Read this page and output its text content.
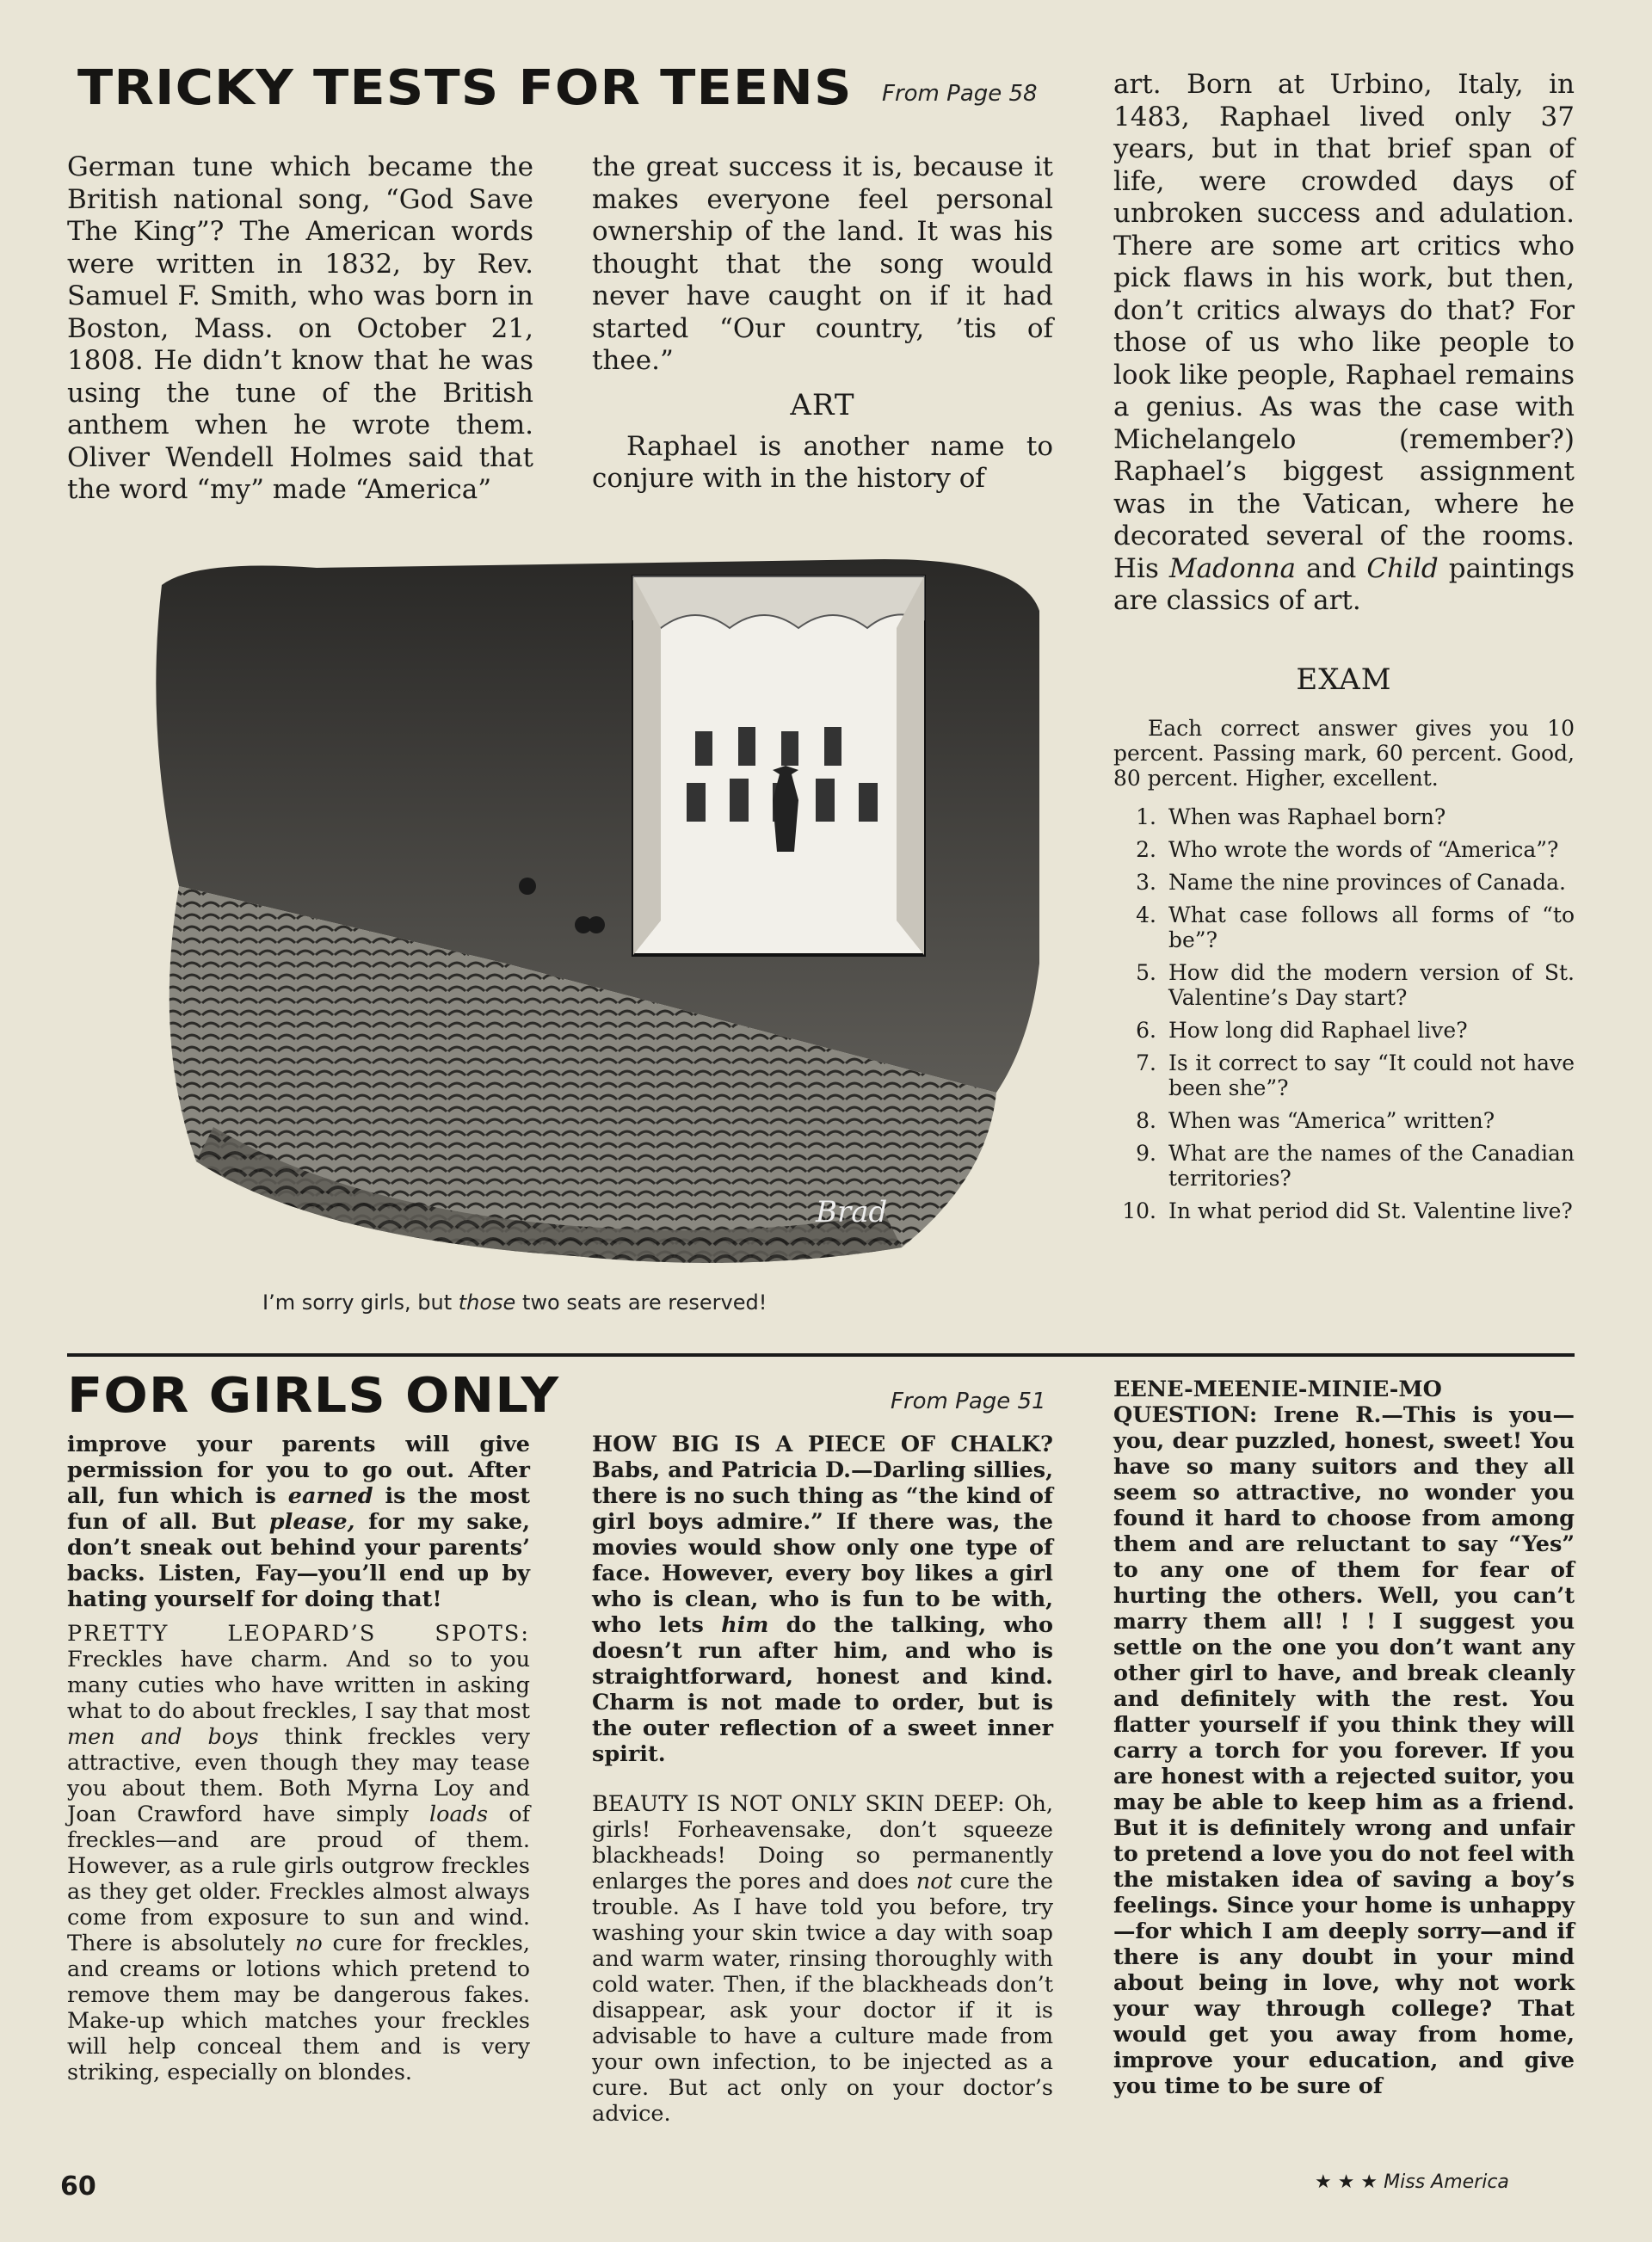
TRICKY TESTS FOR TEENS From Page 58

German tune which became the British national song, “God Save The King”? The American words were written in 1832, by Rev. Samuel F. Smith, who was born in Boston, Mass. on October 21, 1808. He didn’t know that he was using the tune of the British anthem when he wrote them. Oliver Wendell Holmes said that the word “my” made “America”

the great success it is, because it makes everyone feel personal ownership of the land. It was his thought that the song would never have caught on if it had started “Our country, ’tis of thee.”

ART

Raphael is another name to conjure with in the history of

art. Born at Urbino, Italy, in 1483, Raphael lived only 37 years, but in that brief span of life, were crowded days of unbroken success and adulation. There are some art critics who pick flaws in his work, but then, don’t critics always do that? For those of us who like people to look like people, Raphael remains a genius. As was the case with Michelangelo (remember?) Raphael’s biggest assignment was in the Vatican, where he decorated several of the rooms. His Madonna and Child paintings are classics of art.

EXAM

Each correct answer gives you 10 percent. Passing mark, 60 percent. Good, 80 percent. Higher, excellent.

1. When was Raphael born?
2. Who wrote the words of “America”?
3. Name the nine provinces of Canada.
4. What case follows all forms of “to be”?
5. How did the modern version of St. Valentine’s Day start?
6. How long did Raphael live?
7. Is it correct to say “It could not have been she”?
8. When was “America” written?
9. What are the names of the Canadian territories?
10. In what period did St. Valentine live?
Brad
I’m sorry girls, but those two seats are reserved!
FOR GIRLS ONLY	From Page 51

improve your parents will give permission for you to go out. After all, fun which is earned is the most fun of all. But please, for my sake, don’t sneak out behind your parents’ backs. Listen, Fay—you’ll end up by hating yourself for doing that!

PRETTY LEOPARD’S SPOTS: Freckles have charm. And so to you many cuties who have written in asking what to do about freckles, I say that most men and boys think freckles very attractive, even though they may tease you about them. Both Myrna Loy and Joan Crawford have simply loads of freckles—and are proud of them. However, as a rule girls outgrow freckles as they get older. Freckles almost always come from exposure to sun and wind. There is absolutely no cure for freckles, and creams or lotions which pretend to remove them may be dangerous fakes. Make-up which matches your freckles will help conceal them and is very striking, especially on blondes.

HOW BIG IS A PIECE OF CHALK? Babs, and Patricia D.—Darling sillies, there is no such thing as “the kind of girl boys admire.” If there was, the movies would show only one type of face. However, every boy likes a girl who is clean, who is fun to be with, who lets him do the talking, who doesn’t run after him, and who is straightforward, honest and kind. Charm is not made to order, but is the outer reflection of a sweet inner spirit.

BEAUTY IS NOT ONLY SKIN DEEP: Oh, girls! Forheavensake, don’t squeeze blackheads! Doing so permanently enlarges the pores and does not cure the trouble. As I have told you before, try washing your skin twice a day with soap and warm water, rinsing thoroughly with cold water. Then, if the blackheads don’t disappear, ask your doctor if it is advisable to have a culture made from your own infection, to be injected as a cure. But act only on your doctor’s advice.

EENE-MEENIE-MINIE-MO QUESTION: Irene R.—This is you—you, dear puzzled, honest, sweet! You have so many suitors and they all seem so attractive, no wonder you found it hard to choose from among them and are reluctant to say “Yes” to any one of them for fear of hurting the others. Well, you can’t marry them all! ! ! I suggest you settle on the one you don’t want any other girl to have, and break cleanly and definitely with the rest. You flatter yourself if you think they will carry a torch for you forever. If you are honest with a rejected suitor, you may be able to keep him as a friend. But it is definitely wrong and unfair to pretend a love you do not feel with the mistaken idea of saving a boy’s feelings. Since your home is unhappy—for which I am deeply sorry—and if there is any doubt in your mind about being in love, why not work your way through college? That would get you away from home, improve your education, and give you time to be sure of

60	★ ★ ★ Miss America
